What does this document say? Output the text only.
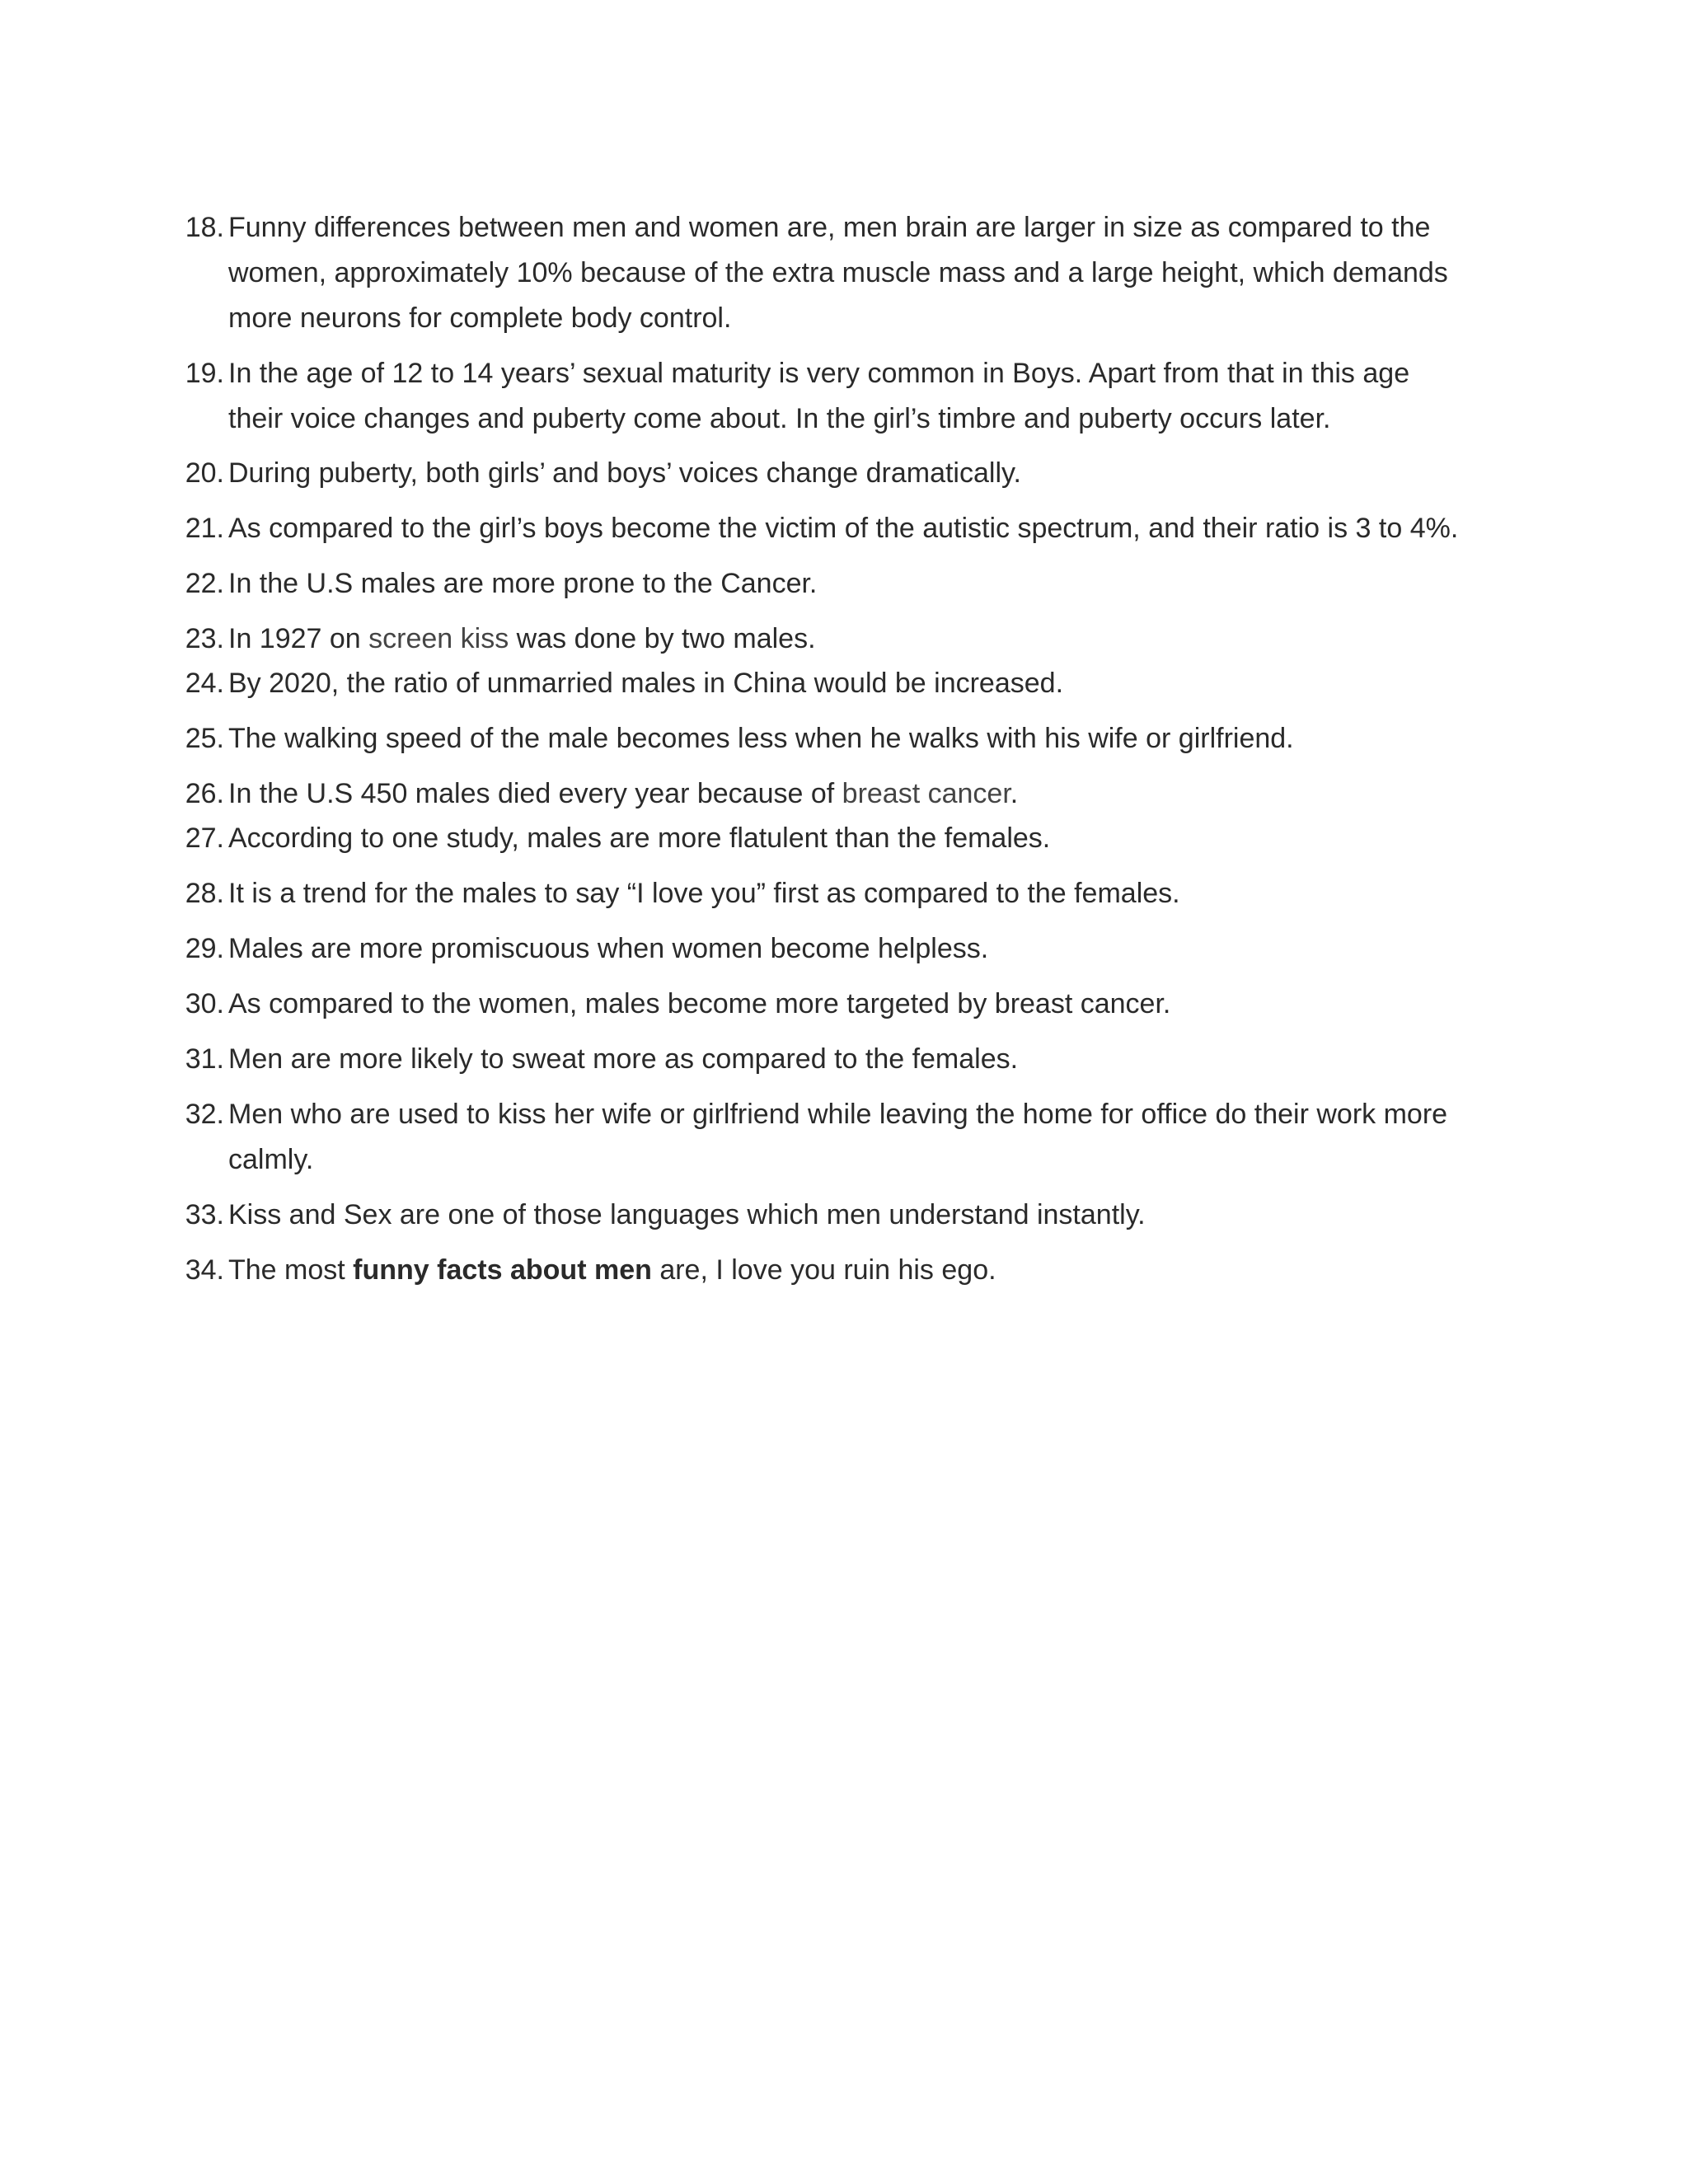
18. Funny differences between men and women are, men brain are larger in size as compared to the women, approximately 10% because of the extra muscle mass and a large height, which demands more neurons for complete body control.
19. In the age of 12 to 14 years’ sexual maturity is very common in Boys. Apart from that in this age their voice changes and puberty come about. In the girl’s timbre and puberty occurs later.
20. During puberty, both girls’ and boys’ voices change dramatically.
21. As compared to the girl’s boys become the victim of the autistic spectrum, and their ratio is 3 to 4%.
22. In the U.S males are more prone to the Cancer.
23. In 1927 on screen kiss was done by two males.
24. By 2020, the ratio of unmarried males in China would be increased.
25. The walking speed of the male becomes less when he walks with his wife or girlfriend.
26. In the U.S 450 males died every year because of breast cancer.
27. According to one study, males are more flatulent than the females.
28. It is a trend for the males to say “I love you” first as compared to the females.
29. Males are more promiscuous when women become helpless.
30. As compared to the women, males become more targeted by breast cancer.
31. Men are more likely to sweat more as compared to the females.
32. Men who are used to kiss her wife or girlfriend while leaving the home for office do their work more calmly.
33. Kiss and Sex are one of those languages which men understand instantly.
34. The most funny facts about men are, I love you ruin his ego.
